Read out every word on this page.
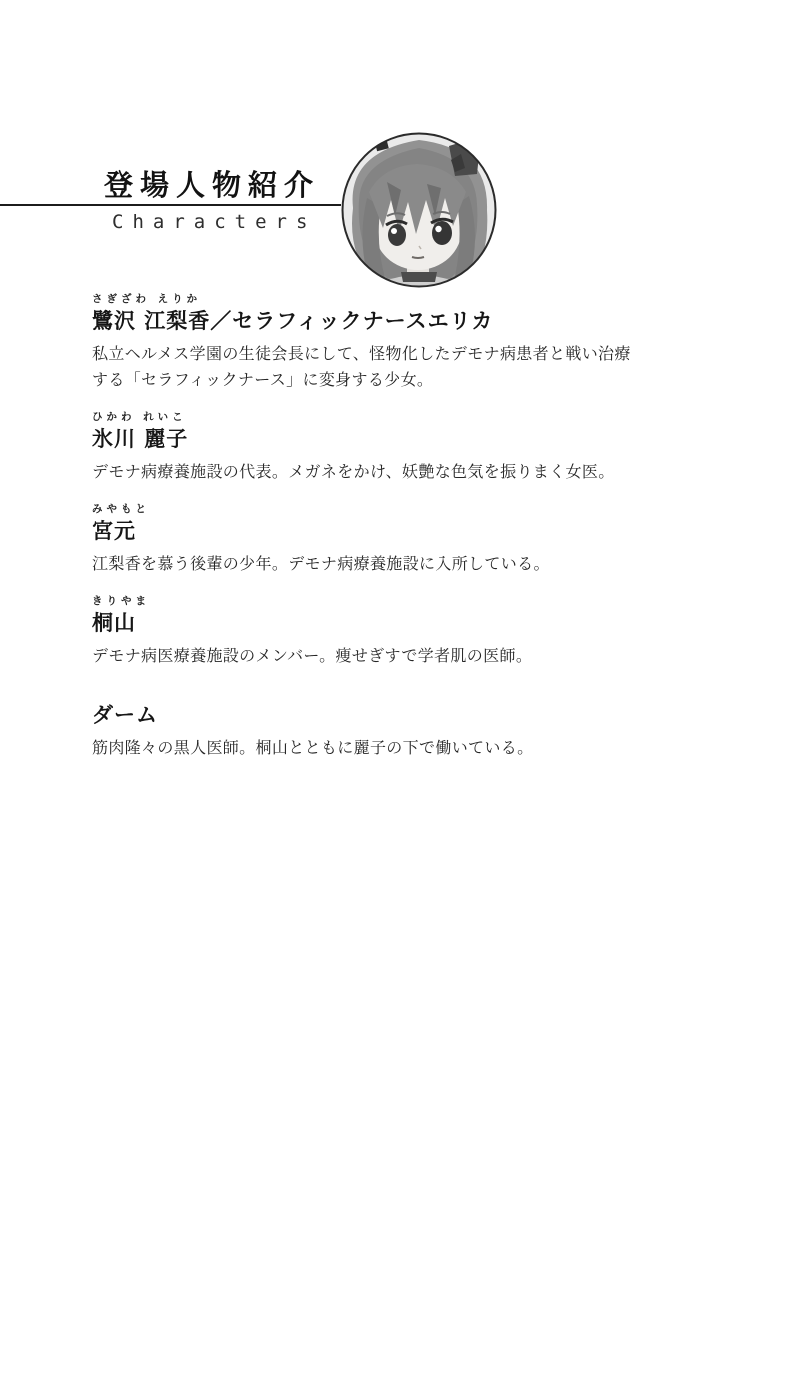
登場人物紹介
Characters
さぎざわ えりか
鷺沢 江梨香／セラフィックナースエリカ

私立ヘルメス学園の生徒会長にして、怪物化したデモナ病患者と戦い治療する「セラフィックナース」に変身する少女。

ひかわ れいこ
氷川 麗子

デモナ病療養施設の代表。メガネをかけ、妖艶な色気を振りまく女医。

みやもと
宮元

江梨香を慕う後輩の少年。デモナ病療養施設に入所している。

きりやま
桐山

デモナ病医療養施設のメンバー。痩せぎすで学者肌の医師。

ダーム

筋肉隆々の黒人医師。桐山とともに麗子の下で働いている。
